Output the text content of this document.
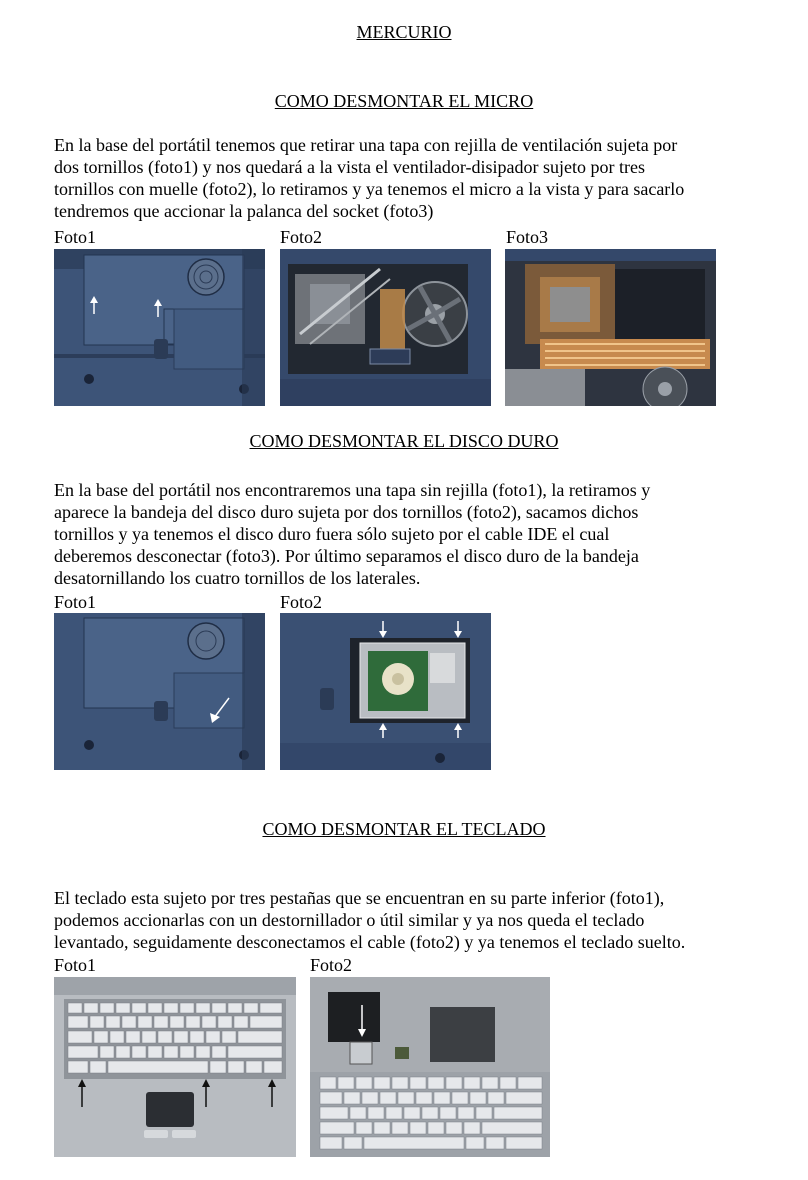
MERCURIO
COMO DESMONTAR EL MICRO

En la base del portátil tenemos que retirar una tapa con rejilla de ventilación sujeta por

dos tornillos (foto1) y nos quedará a la vista el ventilador-disipador sujeto por tres

tornillos con muelle (foto2), lo retiramos y ya tenemos el micro a la vista y para sacarlo

tendremos que accionar la palanca del socket (foto3)

Foto1	Foto2	Foto3
COMO DESMONTAR EL DISCO DURO

En la base del portátil nos encontraremos una tapa sin rejilla (foto1), la retiramos y

aparece la bandeja del disco duro sujeta por dos tornillos (foto2), sacamos dichos

tornillos y ya tenemos el disco duro fuera sólo sujeto por el cable IDE el cual

deberemos desconectar (foto3). Por último separamos el disco duro de la bandeja

desatornillando los cuatro tornillos de los laterales.

Foto1	Foto2
COMO DESMONTAR EL TECLADO

El teclado esta sujeto por tres pestañas que se encuentran en su parte inferior (foto1),

podemos accionarlas con un destornillador o útil similar y ya nos queda el teclado

levantado, seguidamente desconectamos el cable (foto2) y ya tenemos el teclado suelto.

Foto1	Foto2
